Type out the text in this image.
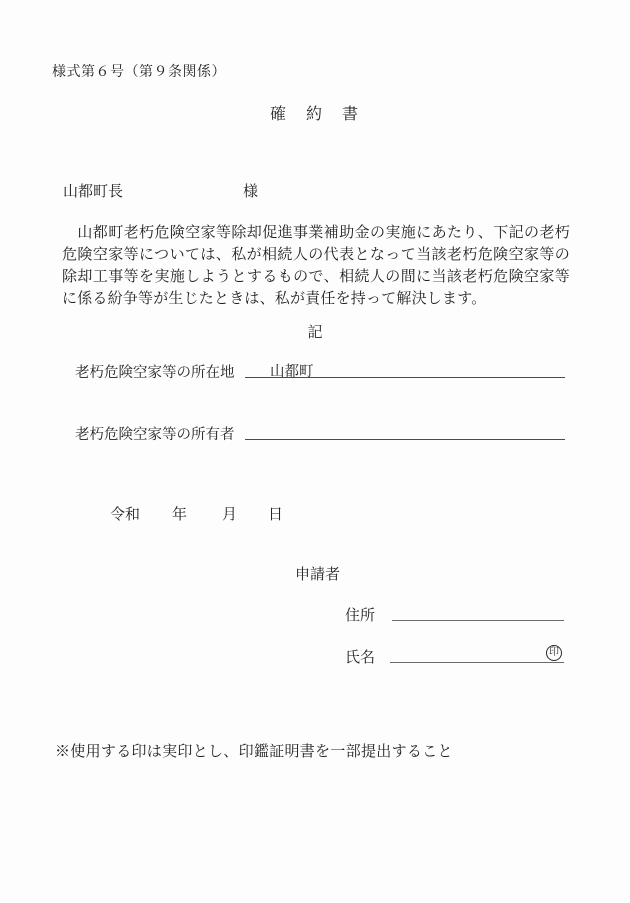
様式第６号（第９条関係）
確　約　書
山都町長	様

　山都町老朽危険空家等除却促進事業補助金の実施にあたり、下記の老朽危険空家等については、私が相続人の代表となって当該老朽危険空家等の除却工事等を実施しようとするもので、相続人の間に当該老朽危険空家等に係る紛争等が生じたときは、私が責任を持って解決します。

記
老朽危険空家等の所在地 山都町
老朽危険空家等の所有者
令和 年 月 日
申請者
住所
氏名	印
※使用する印は実印とし、印鑑証明書を一部提出すること
